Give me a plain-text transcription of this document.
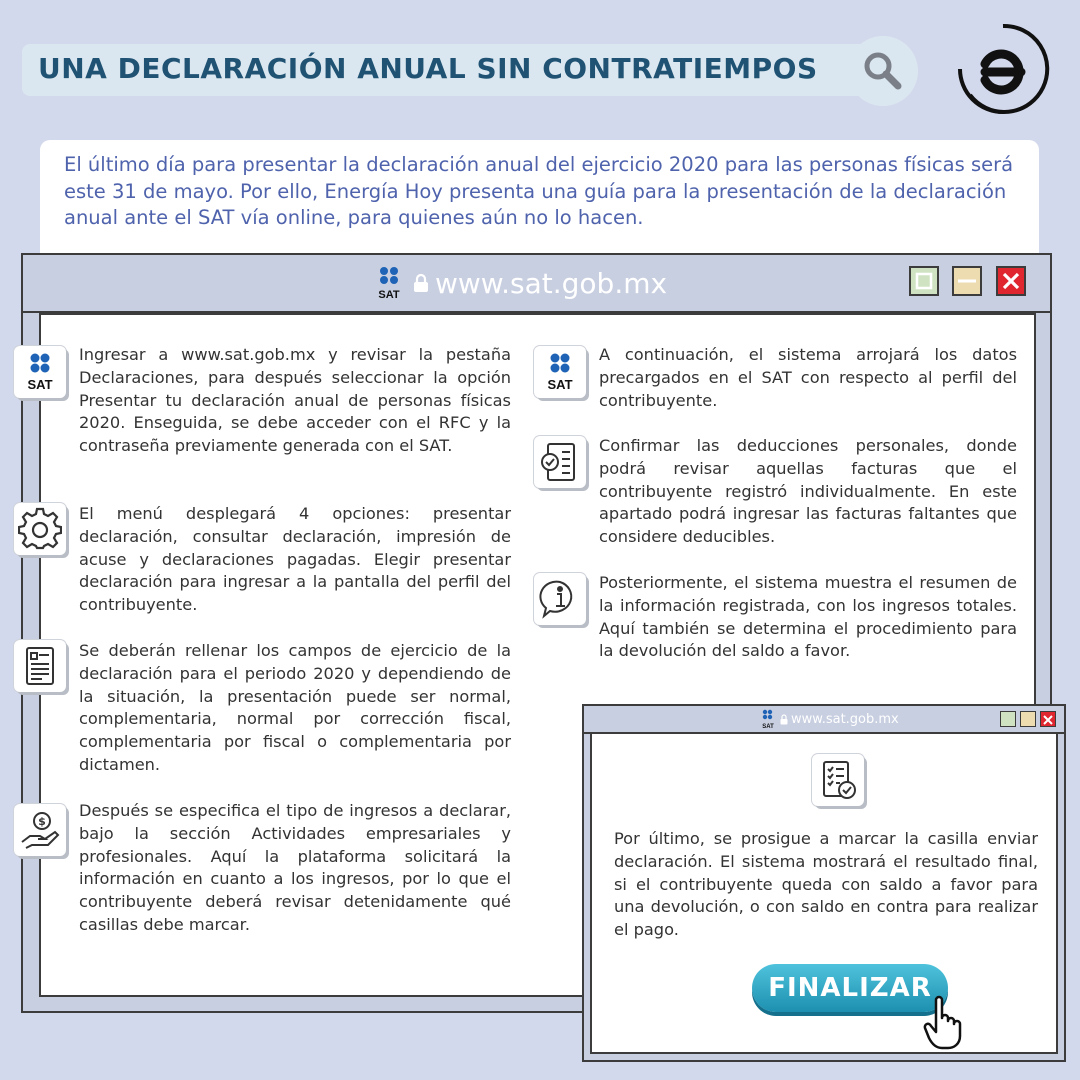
UNA DECLARACIÓN ANUAL SIN CONTRATIEMPOS

El último día para presentar la declaración anual del ejercicio 2020 para las personas físicas será este 31 de mayo. Por ello, Energía Hoy presenta una guía para la presentación de la declaración anual ante el SAT vía online, para quienes aún no lo hacen.

SAT www.sat.gob.mx
SAT

Ingresar a www.sat.gob.mx y revisar la pestaña Declaraciones, para después seleccionar la opción Presentar tu declaración anual de personas físicas 2020. Enseguida, se debe acceder con el RFC y la contraseña previamente generada con el SAT.

El menú desplegará 4 opciones: presentar declaración, consultar declaración, impresión de acuse y declaraciones pagadas. Elegir presentar declaración para ingresar a la pantalla del perfil del contribuyente.

Se deberán rellenar los campos de ejercicio de la declaración para el periodo 2020 y dependiendo de la situación, la presentación puede ser normal, complementaria, normal por corrección fiscal, complementaria por fiscal o complementaria por dictamen.

$

Después se especifica el tipo de ingresos a declarar, bajo la sección Actividades empresariales y profesionales. Aquí la plataforma solicitará la información en cuanto a los ingresos, por lo que el contribuyente deberá revisar detenidamente qué casillas debe marcar.

SAT

A continuación, el sistema arrojará los datos precargados en el SAT con respecto al perfil del contribuyente.

Confirmar las deducciones personales, donde podrá revisar aquellas facturas que el contribuyente registró individualmente. En este apartado podrá ingresar las facturas faltantes que considere deducibles.

Posteriormente, el sistema muestra el resumen de la información registrada, con los ingresos totales. Aquí también se determina el procedimiento para la devolución del saldo a favor.

SAT
www.sat.gob.mx

Por último, se prosigue a marcar la casilla enviar declaración. El sistema mostrará el resultado final, si el contribuyente queda con saldo a favor para una devolución, o con saldo en contra para realizar el pago.

FINALIZAR
